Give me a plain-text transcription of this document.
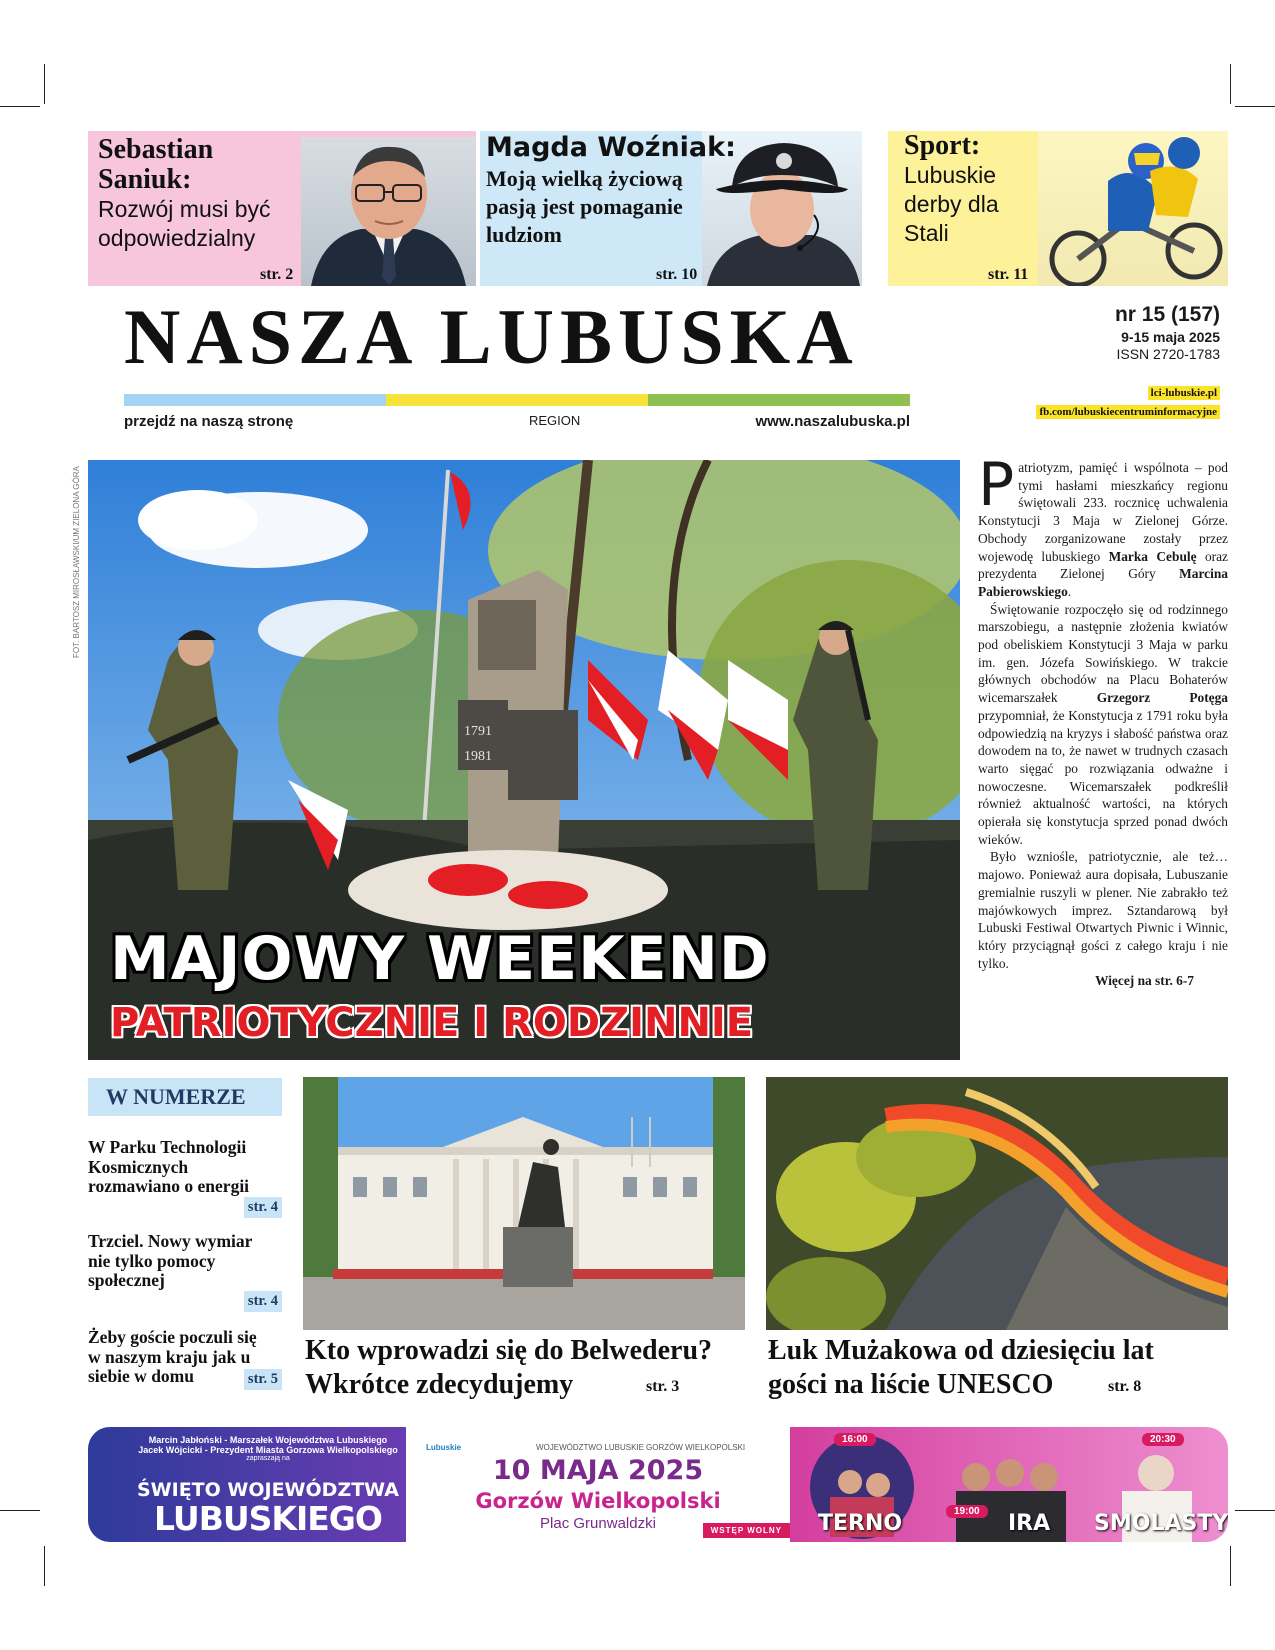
Sebastian Saniuk:
Rozwój musi być odpowiedzialny
str. 2
Magda Woźniak:
Moją wielką życiową pasją jest pomaganie ludziom
str. 10
Sport:
Lubuskie derby dla Stali
str. 11
NASZA LUBUSKA	nr 15 (157)
9-15 maja 2025
ISSN 2720-1783
przejdź na naszą stronę	REGION	www.naszalubuska.pl
lci-lubuskie.pl
fb.com/lubuskiecentruminformacyjne
FOT. BARTOSZ MIROSŁAWSKI/UM ZIELONA GÓRA
1791
1981
MAJOWY WEEKEND
PATRIOTYCZNIE I RODZINNIE

Patriotyzm, pamięć i wspólnota – pod tymi hasłami mieszkańcy regionu świętowali 233. rocznicę uchwalenia Konstytucji 3 Maja w Zielonej Górze. Obchody zorganizowane zostały przez wojewodę lubuskiego Marka Cebulę oraz prezydenta Zielonej Góry Marcina Pabierowskiego.

Świętowanie rozpoczęło się od rodzinnego marszobiegu, a następnie złożenia kwiatów pod obeliskiem Konstytucji 3 Maja w parku im. gen. Józefa Sowińskiego. W trakcie głównych obchodów na Placu Bohaterów wicemarszałek	Grzegorz Potęga przypomniał, że Konstytucja z 1791 roku była odpowiedzią na kryzys i słabość państwa oraz dowodem na to, że nawet w trudnych czasach warto sięgać po rozwiązania odważne i nowoczesne. Wicemarszałek podkreślił również aktualność wartości, na których opierała się konstytucja sprzed ponad dwóch wieków.

Było wzniośle, patriotycznie, ale też… majowo. Ponieważ aura dopisała, Lubuszanie gremialnie ruszyli w plener. Nie zabrakło też majówkowych imprez. Sztandarową był Lubuski Festiwal Otwartych Piwnic i Winnic, który przyciągnął gości z całego kraju i nie tylko.

Więcej na str. 6-7

W NUMERZE
W Parku Technologii Kosmicznych rozmawiano o energii
str. 4
Trzciel. Nowy wymiar nie tylko pomocy społecznej
str. 4
Żeby goście poczuli się w naszym kraju jak u siebie w domu	str. 5
Kto wprowadzi się do Belwederu?
Wkrótce zdecydujemy	str. 3
Łuk Mużakowa od dziesięciu lat
gości na liście UNESCO	str. 8
Marcin Jabłoński - Marszałek Województwa Lubuskiego
Jacek Wójcicki - Prezydent Miasta Gorzowa Wielkopolskiego
zapraszają na
ŚWIĘTO WOJEWÓDZTWA
LUBUSKIEGO
Lubuskie	WOJEWÓDZTWO LUBUSKIE GORZÓW WIELKOPOLSKI
10 MAJA 2025
Gorzów Wielkopolski
Plac Grunwaldzki	WSTĘP WOLNY
16:00
TERNO	19:00	IRA
20:30
SMOLASTY
